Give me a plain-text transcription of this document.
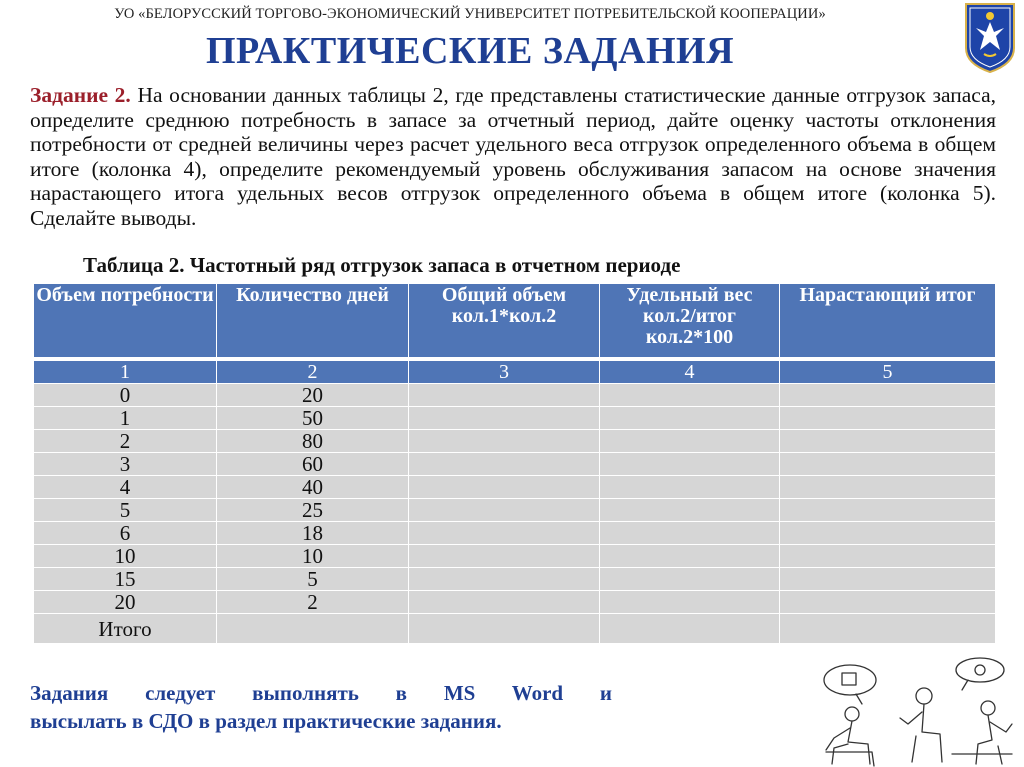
УО «БЕЛОРУССКИЙ ТОРГОВО-ЭКОНОМИЧЕСКИЙ УНИВЕРСИТЕТ ПОТРЕБИТЕЛЬСКОЙ КООПЕРАЦИИ»
ПРАКТИЧЕСКИЕ ЗАДАНИЯ
Задание 2. На основании данных таблицы 2, где представлены статистические данные отгрузок запаса, определите среднюю потребность в запасе за отчетный период, дайте оценку частоты отклонения потребности от средней величины через расчет удельного веса отгрузок определенного объема в общем итоге (колонка 4), определите рекомендуемый уровень обслуживания запасом на основе значения нарастающего итога удельных весов отгрузок определенного объема в общем итоге (колонка 5). Сделайте выводы.
Таблица 2. Частотный ряд отгрузок запаса в отчетном периоде
Объем потребности	Количество дней	Общий объем кол.1*кол.2	Удельный вес кол.2/итог кол.2*100	Нарастающий итог
1	2	3	4	5
0	20			
1	50			
2	80			
3	60			
4	40			
5	25			
6	18			
10	10			
15	5			
20	2			
Итого				
Задания следует выполнять в MS Word и
высылать в СДО в раздел практические задания.
